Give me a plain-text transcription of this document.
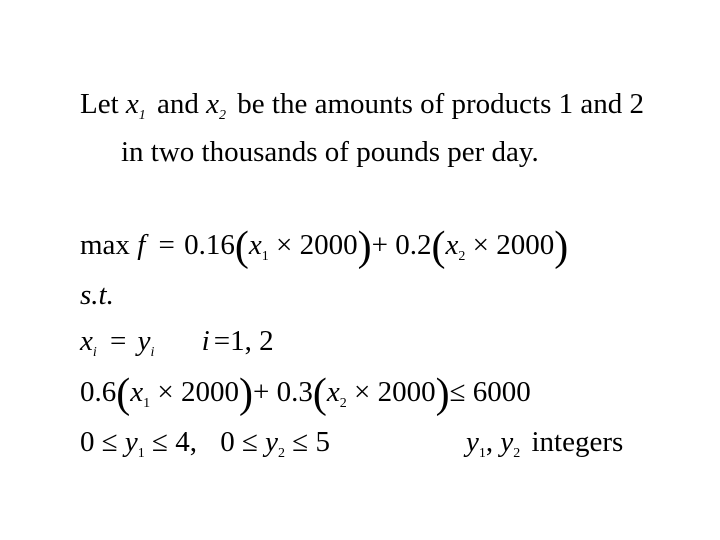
Let $x_1$ and $x_2$ be the amounts of products 1 and 2
in two thousands of pounds per day.
$\max f = 0.16(x_1 \times 2000)+ 0.2(x_2 \times 2000)$
s.t.
$x_i = y_i$ i =1, 2
$0.6(x_1 \times 2000)+ 0.3(x_2 \times 2000)\le 6000$
$0 \le y_1 \le 4$, $0 \le y_2 \le 5$	$y_1$, $y_2$ integers
